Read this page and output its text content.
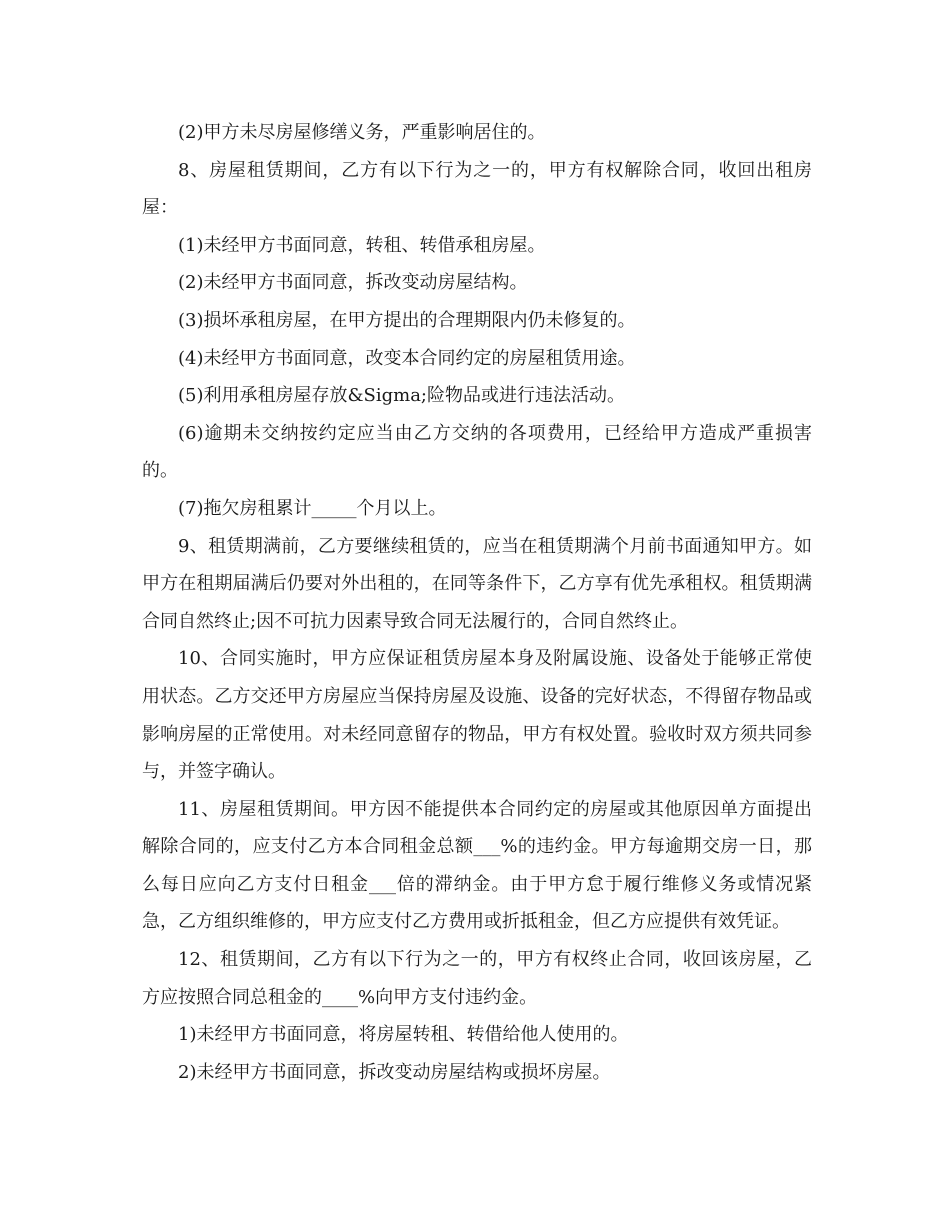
(2)甲方未尽房屋修缮义务，严重影响居住的。

8、房屋租赁期间，乙方有以下行为之一的，甲方有权解除合同，收回出租房屋：

(1)未经甲方书面同意，转租、转借承租房屋。

(2)未经甲方书面同意，拆改变动房屋结构。

(3)损坏承租房屋，在甲方提出的合理期限内仍未修复的。

(4)未经甲方书面同意，改变本合同约定的房屋租赁用途。

(5)利用承租房屋存放&Sigma;险物品或进行违法活动。

(6)逾期未交纳按约定应当由乙方交纳的各项费用，已经给甲方造成严重损害的。

(7)拖欠房租累计_____个月以上。

9、租赁期满前，乙方要继续租赁的，应当在租赁期满个月前书面通知甲方。如甲方在租期届满后仍要对外出租的，在同等条件下，乙方享有优先承租权。租赁期满合同自然终止;因不可抗力因素导致合同无法履行的，合同自然终止。

10、合同实施时，甲方应保证租赁房屋本身及附属设施、设备处于能够正常使用状态。乙方交还甲方房屋应当保持房屋及设施、设备的完好状态，不得留存物品或影响房屋的正常使用。对未经同意留存的物品，甲方有权处置。验收时双方须共同参与，并签字确认。

11、房屋租赁期间。甲方因不能提供本合同约定的房屋或其他原因单方面提出解除合同的，应支付乙方本合同租金总额___%的违约金。甲方每逾期交房一日，那么每日应向乙方支付日租金___倍的滞纳金。由于甲方怠于履行维修义务或情况紧急，乙方组织维修的，甲方应支付乙方费用或折抵租金，但乙方应提供有效凭证。

12、租赁期间，乙方有以下行为之一的，甲方有权终止合同，收回该房屋，乙方应按照合同总租金的____%向甲方支付违约金。

1)未经甲方书面同意，将房屋转租、转借给他人使用的。

2)未经甲方书面同意，拆改变动房屋结构或损坏房屋。
